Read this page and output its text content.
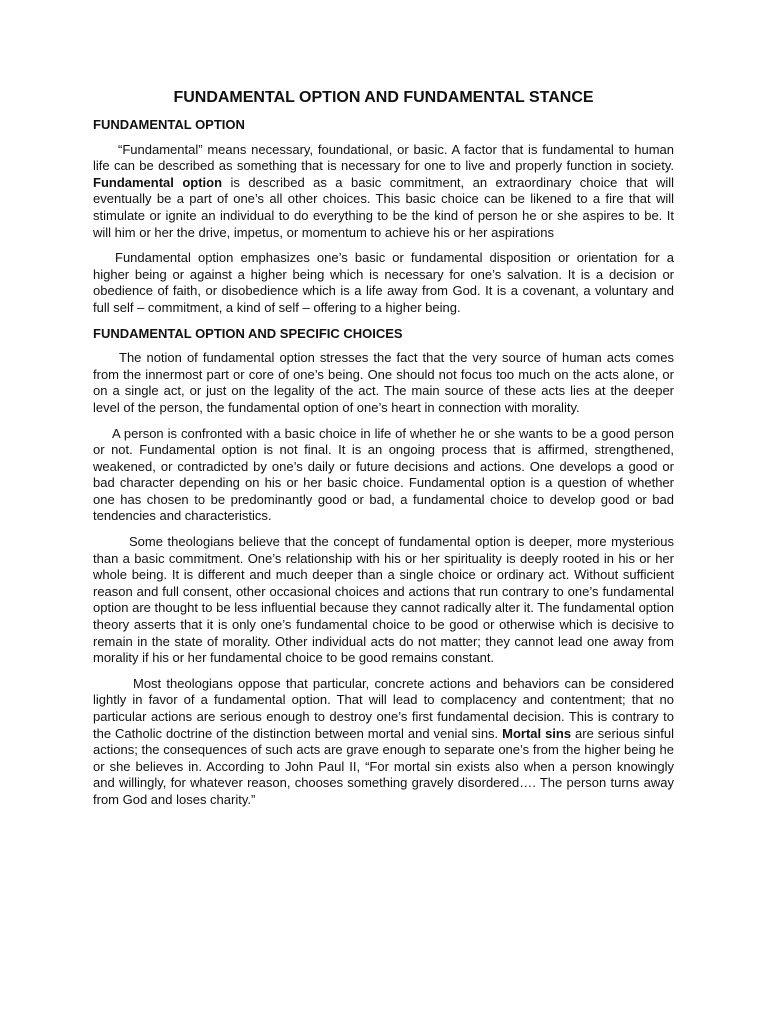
FUNDAMENTAL OPTION AND FUNDAMENTAL STANCE
FUNDAMENTAL OPTION

“Fundamental” means necessary, foundational, or basic. A factor that is fundamental to human life can be described as something that is necessary for one to live and properly function in society. Fundamental option is described as a basic commitment, an extraordinary choice that will eventually be a part of one’s all other choices. This basic choice can be likened to a fire that will stimulate or ignite an individual to do everything to be the kind of person he or she aspires to be. It will him or her the drive, impetus, or momentum to achieve his or her aspirations

Fundamental option emphasizes one’s basic or fundamental disposition or orientation for a higher being or against a higher being which is necessary for one’s salvation. It is a decision or obedience of faith, or disobedience which is a life away from God. It is a covenant, a voluntary and full self – commitment, a kind of self – offering to a higher being.

FUNDAMENTAL OPTION AND SPECIFIC CHOICES

The notion of fundamental option stresses the fact that the very source of human acts comes from the innermost part or core of one’s being. One should not focus too much on the acts alone, or on a single act, or just on the legality of the act. The main source of these acts lies at the deeper level of the person, the fundamental option of one’s heart in connection with morality.

A person is confronted with a basic choice in life of whether he or she wants to be a good person or not. Fundamental option is not final. It is an ongoing process that is affirmed, strengthened, weakened, or contradicted by one’s daily or future decisions and actions. One develops a good or bad character depending on his or her basic choice. Fundamental option is a question of whether one has chosen to be predominantly good or bad, a fundamental choice to develop good or bad tendencies and characteristics.

Some theologians believe that the concept of fundamental option is deeper, more mysterious than a basic commitment. One’s relationship with his or her spirituality is deeply rooted in his or her whole being. It is different and much deeper than a single choice or ordinary act. Without sufficient reason and full consent, other occasional choices and actions that run contrary to one’s fundamental option are thought to be less influential because they cannot radically alter it. The fundamental option theory asserts that it is only one’s fundamental choice to be good or otherwise which is decisive to remain in the state of morality. Other individual acts do not matter; they cannot lead one away from morality if his or her fundamental choice to be good remains constant.

Most theologians oppose that particular, concrete actions and behaviors can be considered lightly in favor of a fundamental option. That will lead to complacency and contentment; that no particular actions are serious enough to destroy one’s first fundamental decision. This is contrary to the Catholic doctrine of the distinction between mortal and venial sins. Mortal sins are serious sinful actions; the consequences of such acts are grave enough to separate one’s from the higher being he or she believes in. According to John Paul II, “For mortal sin exists also when a person knowingly and willingly, for whatever reason, chooses something gravely disordered…. The person turns away from God and loses charity.”
